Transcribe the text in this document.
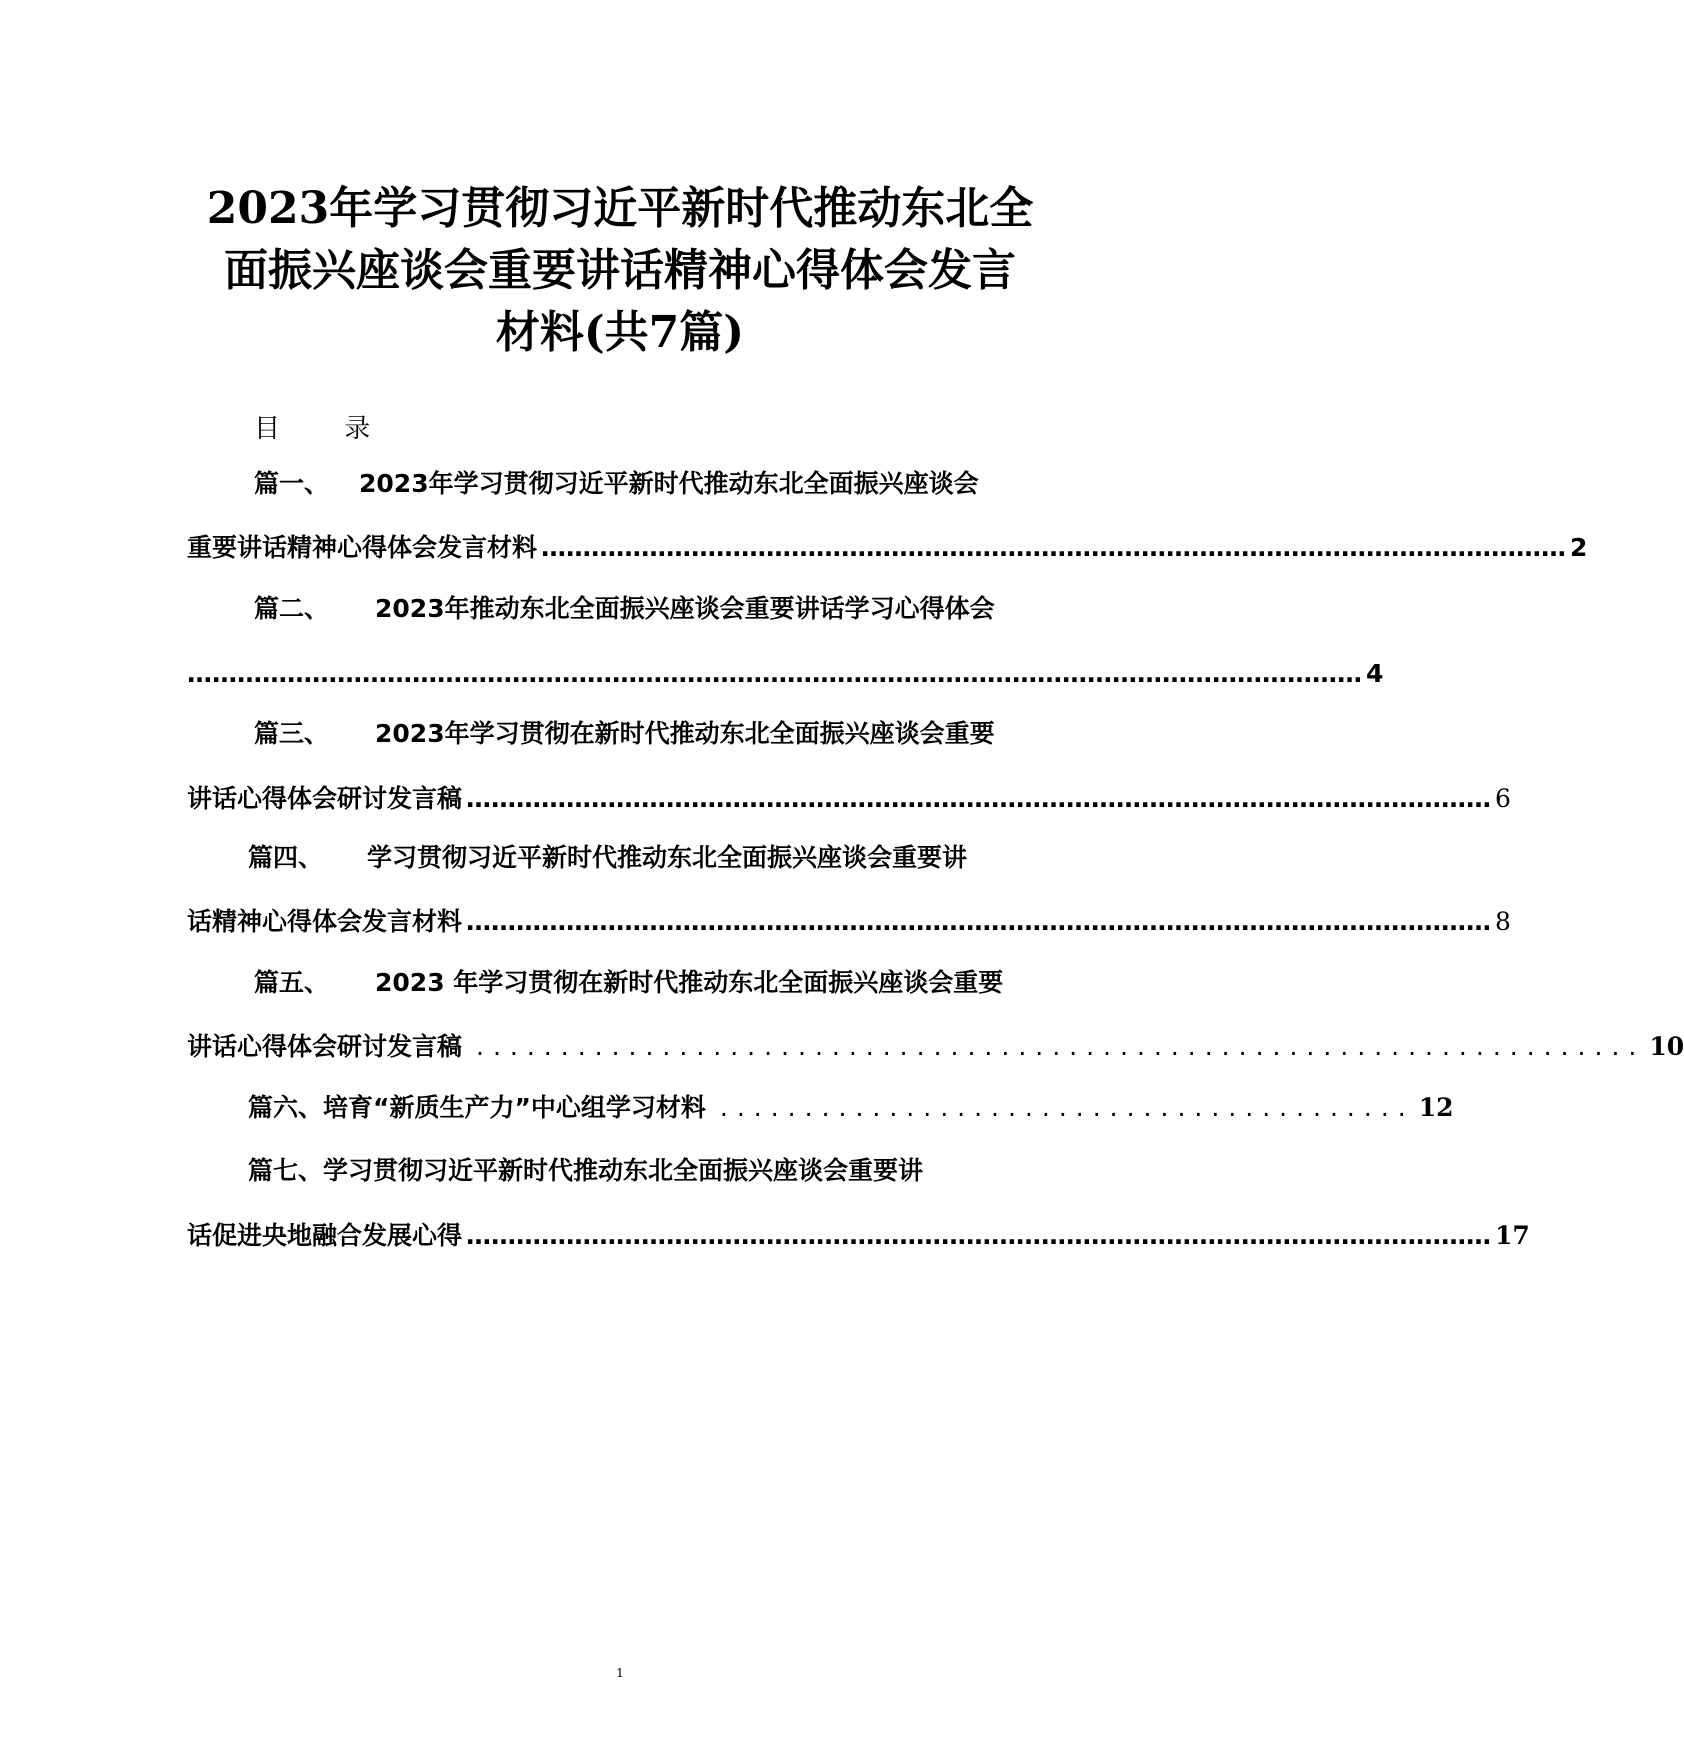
2023年学习贯彻习近平新时代推动东北全
面振兴座谈会重要讲话精神心得体会发言
材料(共7篇)
目 录
篇一、 2023年学习贯彻习近平新时代推动东北全面振兴座谈会
重要讲话精神心得体会发言材料 …………………………………………………………………………………………………………… 2
篇二、 2023年推动东北全面振兴座谈会重要讲话学习心得体会
…………………………………………………………………………………………………………………………… 4
篇三、 2023年学习贯彻在新时代推动东北全面振兴座谈会重要
讲话心得体会研讨发言稿 …………………………………………………………………………………………………………… 6
篇四、 学习贯彻习近平新时代推动东北全面振兴座谈会重要讲
话精神心得体会发言材料 …………………………………………………………………………………………………………… 8
篇五、 2023 年学习贯彻在新时代推动东北全面振兴座谈会重要
讲话心得体会研讨发言稿 ..................................................................... 10
篇六、 培育“新质生产力”中心组学习材料 ......................................... 12
篇七、学习贯彻习近平新时代推动东北全面振兴座谈会重要讲
话促进央地融合发展心得 …………………………………………………………………………………………………………… 17
1
